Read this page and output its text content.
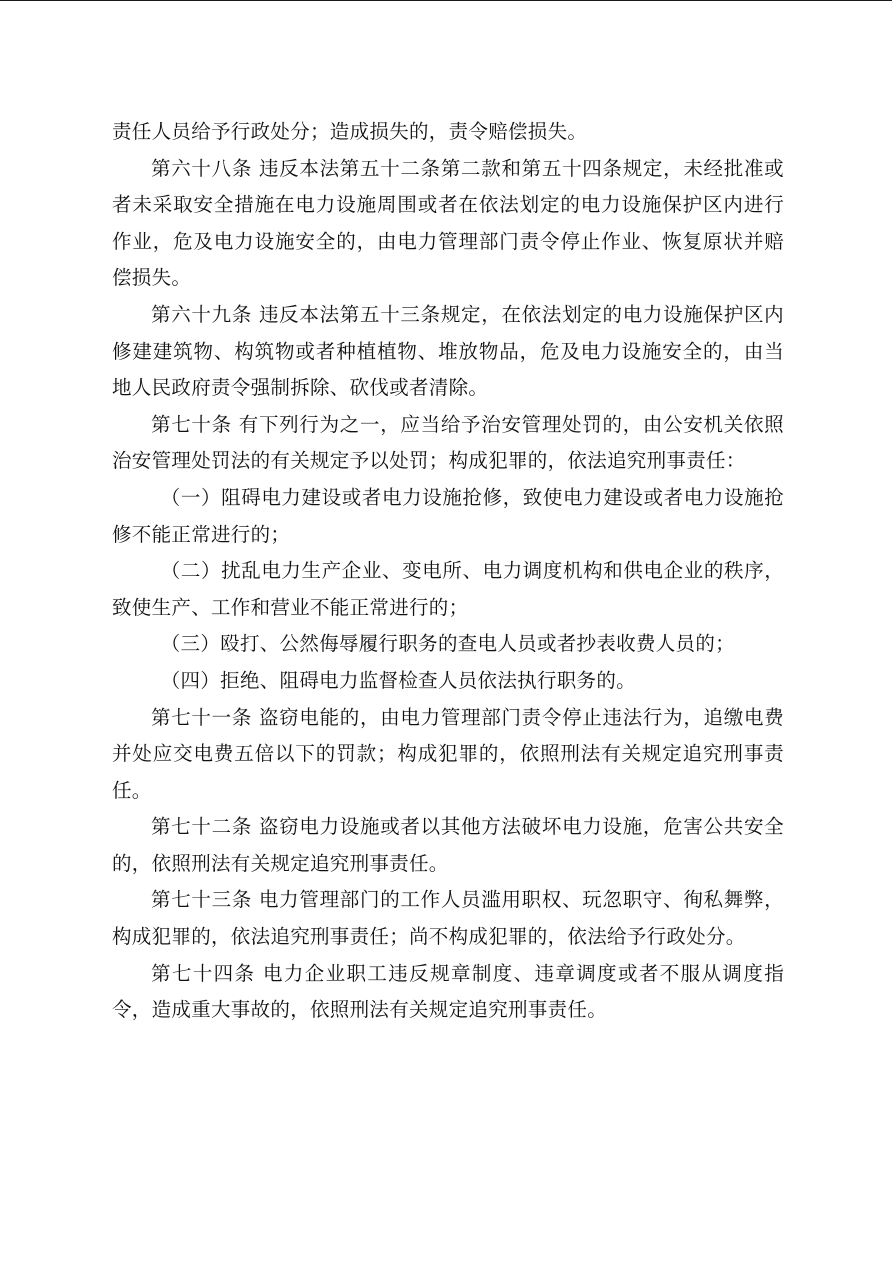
责任人员给予行政处分；造成损失的，责令赔偿损失。

第六十八条 违反本法第五十二条第二款和第五十四条规定，未经批准或者未采取安全措施在电力设施周围或者在依法划定的电力设施保护区内进行作业，危及电力设施安全的，由电力管理部门责令停止作业、恢复原状并赔偿损失。

第六十九条 违反本法第五十三条规定，在依法划定的电力设施保护区内修建建筑物、构筑物或者种植植物、堆放物品，危及电力设施安全的，由当地人民政府责令强制拆除、砍伐或者清除。

第七十条 有下列行为之一，应当给予治安管理处罚的，由公安机关依照治安管理处罚法的有关规定予以处罚；构成犯罪的，依法追究刑事责任：

（一）阻碍电力建设或者电力设施抢修，致使电力建设或者电力设施抢修不能正常进行的；

（二）扰乱电力生产企业、变电所、电力调度机构和供电企业的秩序，致使生产、工作和营业不能正常进行的；

（三）殴打、公然侮辱履行职务的查电人员或者抄表收费人员的；

（四）拒绝、阻碍电力监督检查人员依法执行职务的。

第七十一条 盗窃电能的，由电力管理部门责令停止违法行为，追缴电费并处应交电费五倍以下的罚款；构成犯罪的，依照刑法有关规定追究刑事责任。

第七十二条 盗窃电力设施或者以其他方法破坏电力设施，危害公共安全的，依照刑法有关规定追究刑事责任。

第七十三条 电力管理部门的工作人员滥用职权、玩忽职守、徇私舞弊，构成犯罪的，依法追究刑事责任；尚不构成犯罪的，依法给予行政处分。

第七十四条 电力企业职工违反规章制度、违章调度或者不服从调度指令，造成重大事故的，依照刑法有关规定追究刑事责任。
